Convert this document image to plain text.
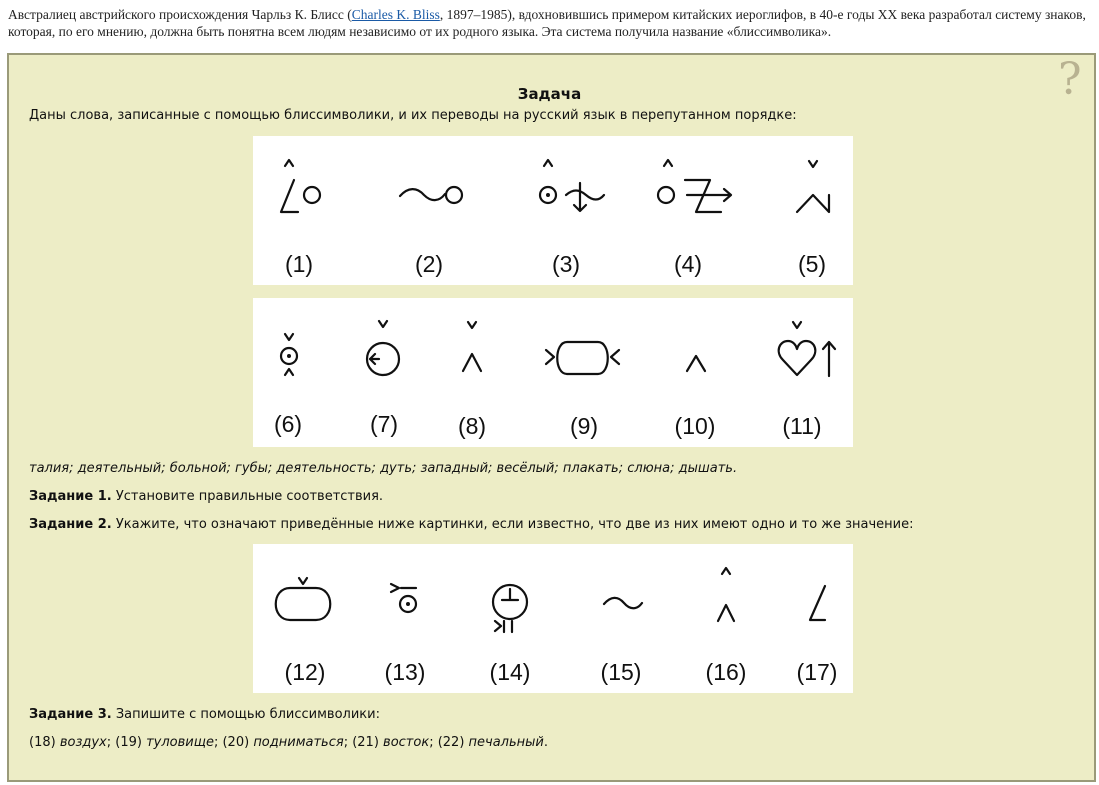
Австралиец австрийского происхождения Чарльз К. Блисс (Charles K. Bliss, 1897–1985), вдохновившись примером китайских иероглифов, в 40-е годы XX века разработал систему знаков, которая, по его мнению, должна быть понятна всем людям независимо от их родного языка. Эта система получила название «блиссимволика».
?
Задача
Даны слова, записанные с помощью блиссимволики, и их переводы на русский язык в перепутанном порядке:
(1)	(2)	(3)	(4)	(5)
(6)	(7)	(8)	(9)	(10)	(11)
талия; деятельный; больной; губы; деятельность; дуть; западный; весёлый; плакать; слюна; дышать.
Задание 1. Установите правильные соответствия.
Задание 2. Укажите, что означают приведённые ниже картинки, если известно, что две из них имеют одно и то же значение:
(12)	(13)	(14)	(15)	(16) (17)
Задание 3. Запишите с помощью блиссимволики:
(18) воздух; (19) туловище; (20) подниматься; (21) восток; (22) печальный.
